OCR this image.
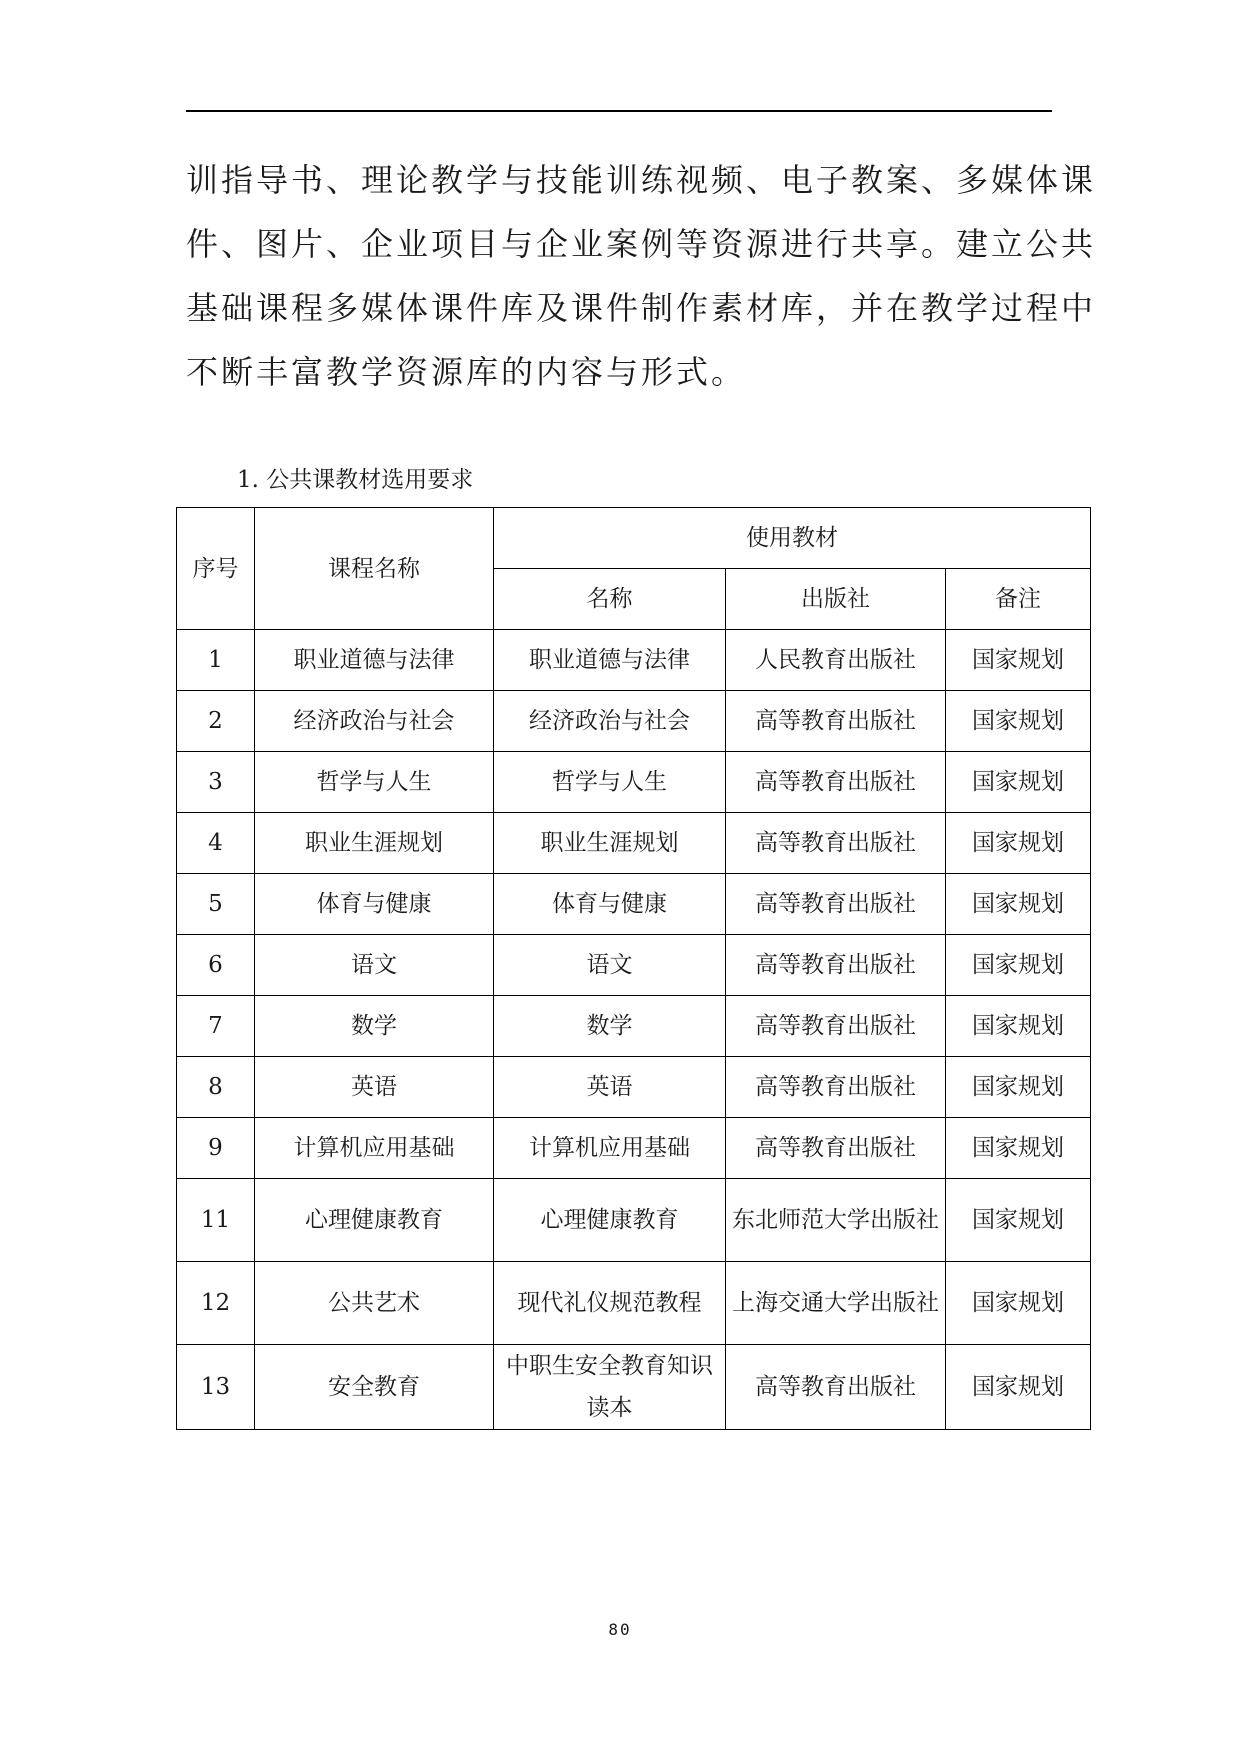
训指导书、理论教学与技能训练视频、电子教案、多媒体课
件、图片、企业项目与企业案例等资源进行共享。建立公共
基础课程多媒体课件库及课件制作素材库，并在教学过程中
不断丰富教学资源库的内容与形式。
1. 公共课教材选用要求
序号	课程名称	使用教材		
		名称	出版社	备注
1	职业道德与法律	职业道德与法律	人民教育出版社	国家规划
2	经济政治与社会	经济政治与社会	高等教育出版社	国家规划
3	哲学与人生	哲学与人生	高等教育出版社	国家规划
4	职业生涯规划	职业生涯规划	高等教育出版社	国家规划
5	体育与健康	体育与健康	高等教育出版社	国家规划
6	语文	语文	高等教育出版社	国家规划
7	数学	数学	高等教育出版社	国家规划
8	英语	英语	高等教育出版社	国家规划
9	计算机应用基础	计算机应用基础	高等教育出版社	国家规划
11	心理健康教育	心理健康教育	东北师范大学出版社	国家规划
12	公共艺术	现代礼仪规范教程	上海交通大学出版社	国家规划
13	安全教育	中职生安全教育知识读本	高等教育出版社	国家规划
80
